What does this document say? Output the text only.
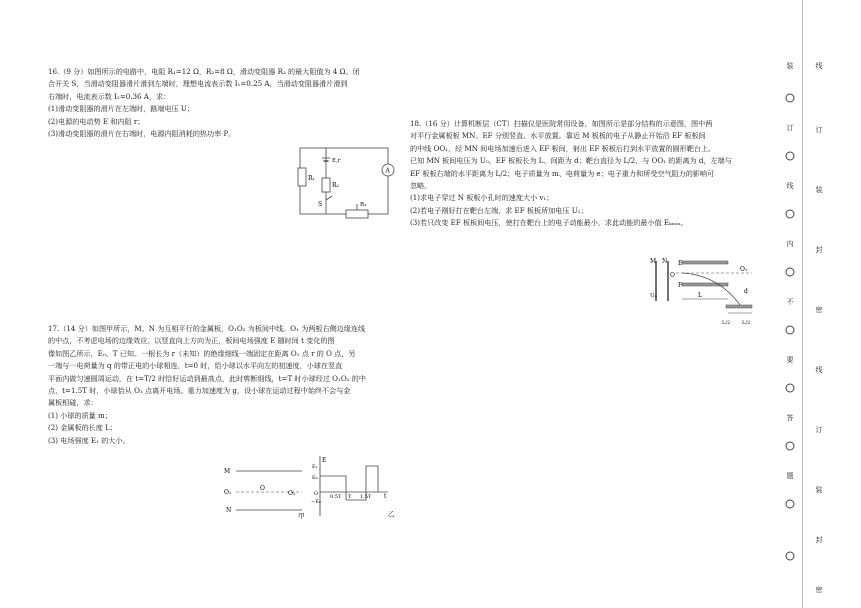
16.（9 分）如图所示的电路中，电阻 R₁=12 Ω，R₂=8 Ω，滑动变阻器 R₃ 的最大阻值为 4 Ω。闭

合开关 S，当滑动变阻器滑片滑到左端时，理想电流表示数 I₁=0.25 A，当滑动变阻器滑片滑到

右端时，电流表示数 I₂=0.36 A，求：

(1)滑动变阻器的滑片在左端时，路端电压 U；

(2)电源的电动势 E 和内阻 r；

(3)滑动变阻器的滑片在右端时，电源内阻消耗的热功率 P。

R₁
E,r
R₂
S
A
R₃

17.（14 分）如图甲所示，M、N 为互相平行的金属板，O₁O₂ 为板间中线。O₁ 为两板右侧边缘连线

的中点，不考虑电场的边缘效应。以竖直向上方向为正，板间电场强度 E 随时间 t 变化的图

像如图乙所示，E₀、T 已知。一根长为 r（未知）的绝缘细线一端固定在距离 O₁ 点 r 的 O 点，另

一端与一电荷量为 q 的带正电的小球相连，t=0 时，给小球以水平向左的初速度，小球在竖直

平面内做匀速圆周运动，在 t=T/2 时恰好运动到最高点，此时剪断细线，t=T 时小球经过 O₁O₂ 的中

点，t=1.5T 时，小球恰从 O₁ 点离开电场。重力加速度为 g，设小球在运动过程中始终不会与金

属板相碰，求：

(1) 小球的质量 m；

(2) 金属板的长度 L；

(3) 电场强度 E₁ 的大小。

M
O₁
O
O₂
N
甲
E
t
E₁
E₀
O
−E₀
0.5T T 1.5T
乙

18.（16 分）计算机断层（CT）扫描仪是医院常用设备，如图所示是部分结构的示意图，图中两

对平行金属板板 MN、EF 分别竖直、水平放置。靠近 M 板板的电子从静止开始沿 EF 板板间

的中线 OO₁，经 MN 间电场加速后进入 EF 板间，射出 EF 板板后打到水平放置的圆形靶台上。

已知 MN 板间电压为 U₀，EF 板板长为 L、间距为 d；靶台直径为 L/2，与 OO₁ 的距离为 d，左端与

EF 板板右端的水平距离为 L/2；电子质量为 m、电荷量为 e；电子重力和所受空气阻力的影响可

忽略。

(1)求电子穿过 N 板板小孔时的速度大小 v₁；

(2)若电子刚好打在靶台左端，求 EF 板板所加电压 U₁；

(3)若只改变 EF 板板间电压，使打在靶台上的电子动能最小，求此动能的最小值 Eₖₘᵢₙ。

M N
U₀
E
F
O
O₁
d
L
L/2 L/2
装
订
线
内
不
要
答
题
线
订
装
封
密
线
订
装
封
密
